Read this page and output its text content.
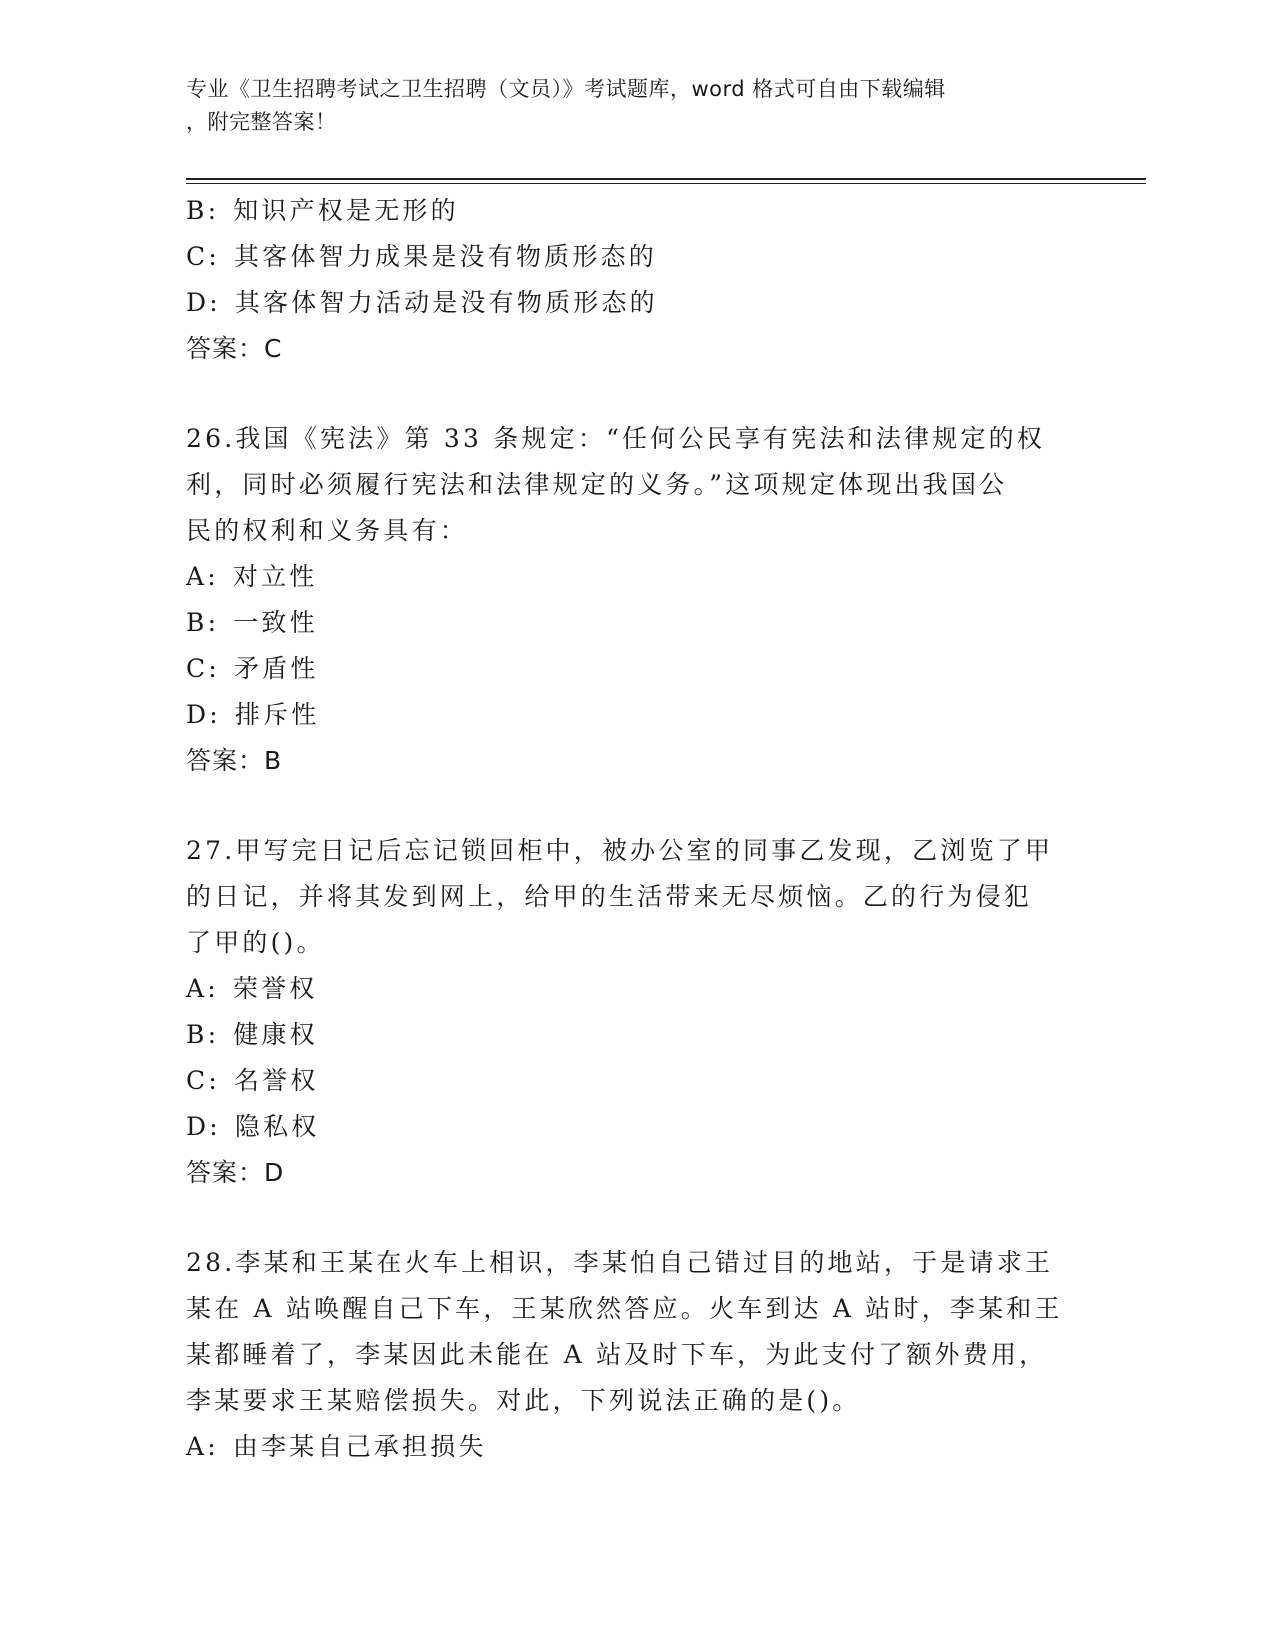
专业《卫生招聘考试之卫生招聘（文员）》考试题库，word 格式可自由下载编辑
，附完整答案！
B: 知识产权是无形的
C: 其客体智力成果是没有物质形态的
D: 其客体智力活动是没有物质形态的
答案：C
26.我国《宪法》第 33 条规定：“任何公民享有宪法和法律规定的权
利，同时必须履行宪法和法律规定的义务。”这项规定体现出我国公
民的权利和义务具有：
A: 对立性
B: 一致性
C: 矛盾性
D: 排斥性
答案：B
27.甲写完日记后忘记锁回柜中，被办公室的同事乙发现，乙浏览了甲
的日记，并将其发到网上，给甲的生活带来无尽烦恼。乙的行为侵犯
了甲的()。
A: 荣誉权
B: 健康权
C: 名誉权
D: 隐私权
答案：D
28.李某和王某在火车上相识，李某怕自己错过目的地站，于是请求王
某在 A 站唤醒自己下车，王某欣然答应。火车到达 A 站时，李某和王
某都睡着了，李某因此未能在 A 站及时下车，为此支付了额外费用，
李某要求王某赔偿损失。对此，下列说法正确的是()。
A: 由李某自己承担损失
